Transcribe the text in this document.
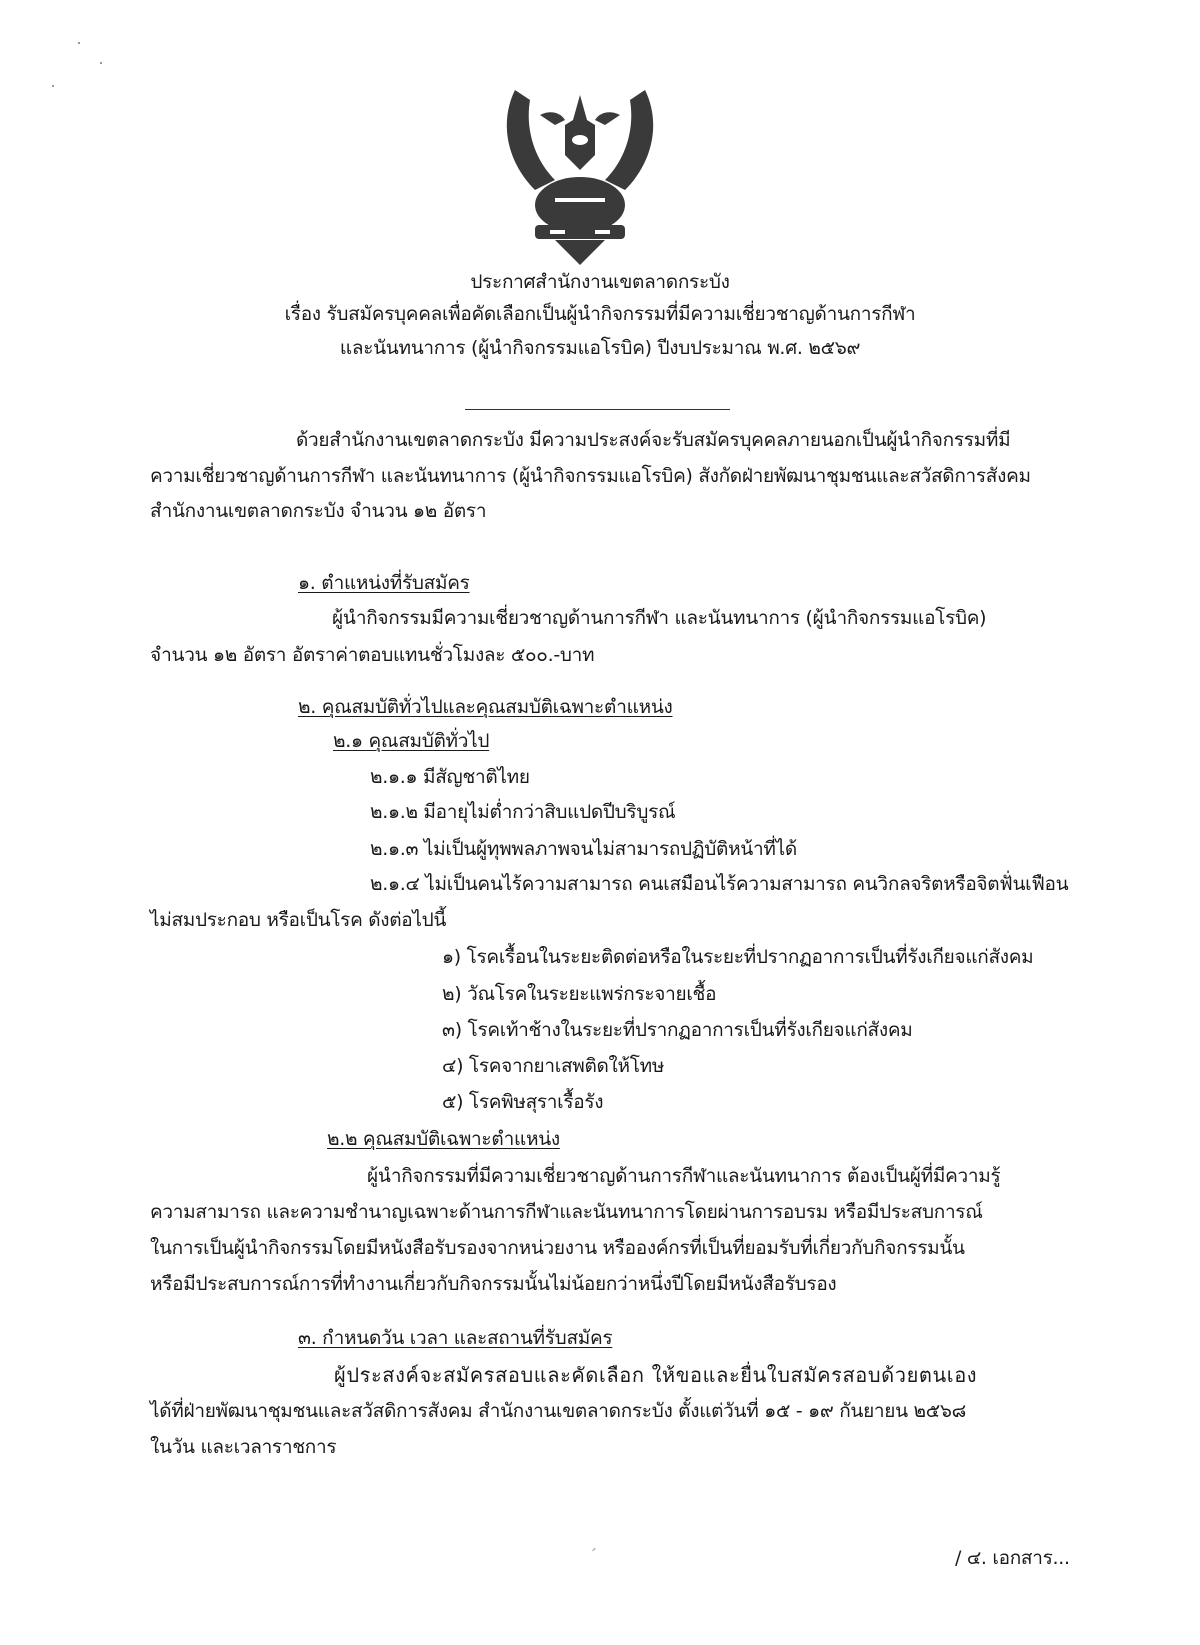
ประกาศสำนักงานเขตลาดกระบัง
เรื่อง รับสมัครบุคคลเพื่อคัดเลือกเป็นผู้นำกิจกรรมที่มีความเชี่ยวชาญด้านการกีฬา
และนันทนาการ (ผู้นำกิจกรรมแอโรบิค) ปีงบประมาณ พ.ศ. ๒๕๖๙
ด้วยสำนักงานเขตลาดกระบัง มีความประสงค์จะรับสมัครบุคคลภายนอกเป็นผู้นำกิจกรรมที่มี
ความเชี่ยวชาญด้านการกีฬา และนันทนาการ (ผู้นำกิจกรรมแอโรบิค) สังกัดฝ่ายพัฒนาชุมชนและสวัสดิการสังคม
สำนักงานเขตลาดกระบัง จำนวน ๑๒ อัตรา
๑. ตำแหน่งที่รับสมัคร
ผู้นำกิจกรรมมีความเชี่ยวชาญด้านการกีฬา และนันทนาการ (ผู้นำกิจกรรมแอโรบิค)
จำนวน ๑๒ อัตรา อัตราค่าตอบแทนชั่วโมงละ ๕๐๐.-บาท
๒. คุณสมบัติทั่วไปและคุณสมบัติเฉพาะตำแหน่ง
๒.๑ คุณสมบัติทั่วไป
๒.๑.๑ มีสัญชาติไทย
๒.๑.๒ มีอายุไม่ต่ำกว่าสิบแปดปีบริบูรณ์
๒.๑.๓ ไม่เป็นผู้ทุพพลภาพจนไม่สามารถปฏิบัติหน้าที่ได้
๒.๑.๔ ไม่เป็นคนไร้ความสามารถ คนเสมือนไร้ความสามารถ คนวิกลจริตหรือจิตฟั่นเฟือน
ไม่สมประกอบ หรือเป็นโรค ดังต่อไปนี้
๑) โรคเรื้อนในระยะติดต่อหรือในระยะที่ปรากฏอาการเป็นที่รังเกียจแก่สังคม
๒) วัณโรคในระยะแพร่กระจายเชื้อ
๓) โรคเท้าช้างในระยะที่ปรากฏอาการเป็นที่รังเกียจแก่สังคม
๔) โรคจากยาเสพติดให้โทษ
๕) โรคพิษสุราเรื้อรัง
๒.๒ คุณสมบัติเฉพาะตำแหน่ง
ผู้นำกิจกรรมที่มีความเชี่ยวชาญด้านการกีฬาและนันทนาการ ต้องเป็นผู้ที่มีความรู้
ความสามารถ และความชำนาญเฉพาะด้านการกีฬาและนันทนาการโดยผ่านการอบรม หรือมีประสบการณ์
ในการเป็นผู้นำกิจกรรมโดยมีหนังสือรับรองจากหน่วยงาน หรือองค์กรที่เป็นที่ยอมรับที่เกี่ยวกับกิจกรรมนั้น
หรือมีประสบการณ์การที่ทำงานเกี่ยวกับกิจกรรมนั้นไม่น้อยกว่าหนึ่งปีโดยมีหนังสือรับรอง
๓. กำหนดวัน เวลา และสถานที่รับสมัคร
ผู้ประสงค์จะสมัครสอบและคัดเลือก ให้ขอและยื่นใบสมัครสอบด้วยตนเอง
ได้ที่ฝ่ายพัฒนาชุมชนและสวัสดิการสังคม สำนักงานเขตลาดกระบัง ตั้งแต่วันที่ ๑๕ - ๑๙ กันยายน ๒๕๖๘
ในวัน และเวลาราชการ
/ ๔. เอกสาร...
